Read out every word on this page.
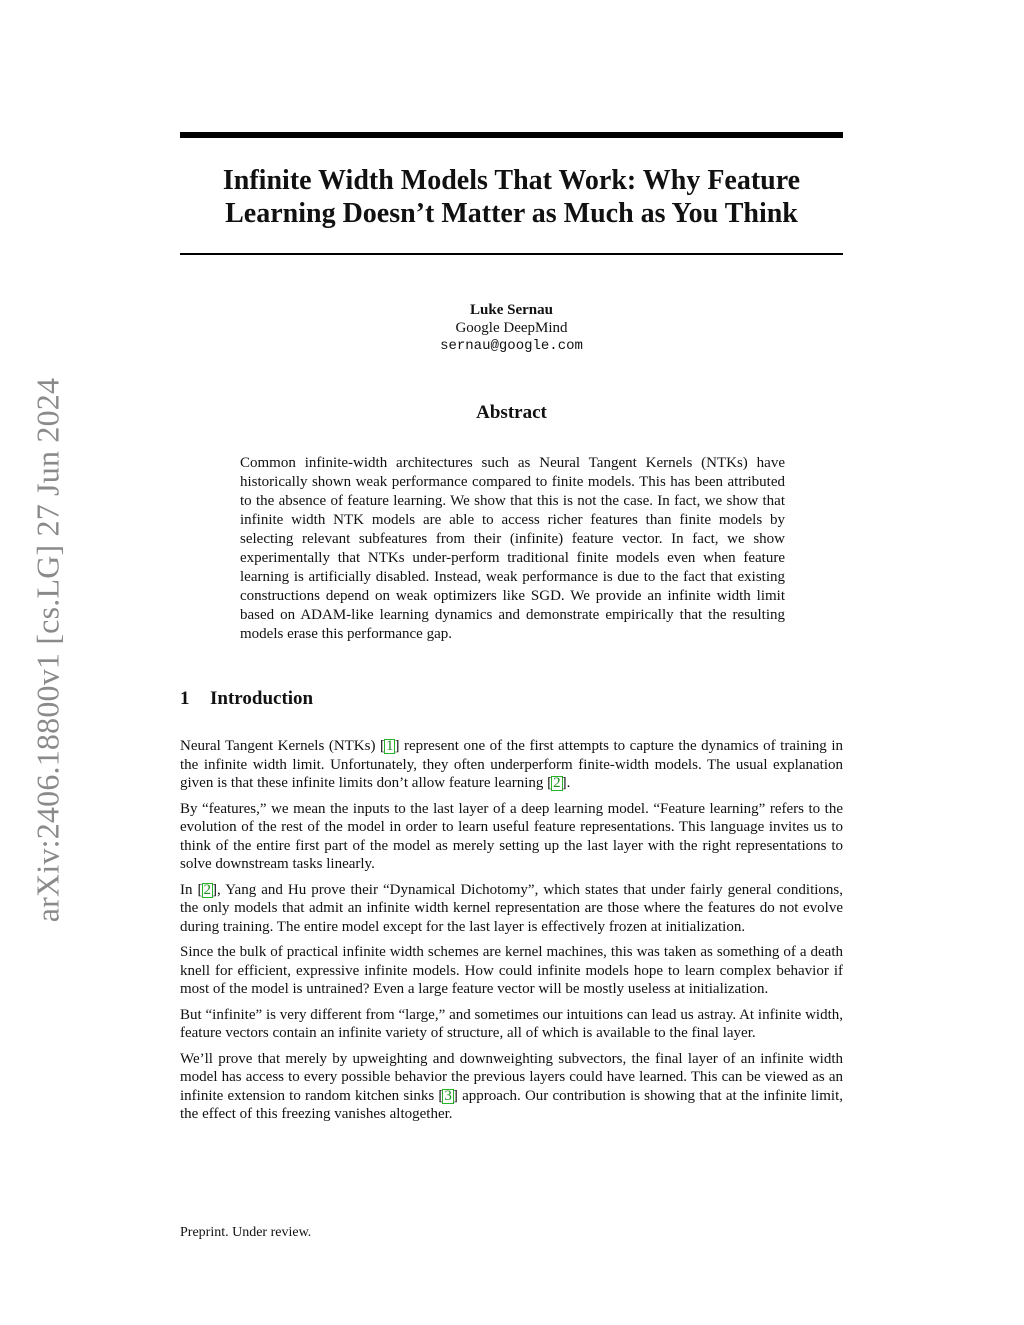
arXiv:2406.18800v1 [cs.LG] 27 Jun 2024
Infinite Width Models That Work: Why Feature
Learning Doesn’t Matter as Much as You Think
Luke Sernau
Google DeepMind
sernau@google.com
Abstract

Common infinite-width architectures such as Neural Tangent Kernels (NTKs) have historically shown weak performance compared to finite models. This has been attributed to the absence of feature learning. We show that this is not the case. In fact, we show that infinite width NTK models are able to access richer features than finite models by selecting relevant subfeatures from their (infinite) feature vector. In fact, we show experimentally that NTKs under-perform traditional finite models even when feature learning is artificially disabled. Instead, weak performance is due to the fact that existing constructions depend on weak optimizers like SGD. We provide an infinite width limit based on ADAM-like learning dynamics and demonstrate empirically that the resulting models erase this performance gap.

1 Introduction

Neural Tangent Kernels (NTKs) [1] represent one of the first attempts to capture the dynamics of training in the infinite width limit. Unfortunately, they often underperform finite-width models. The usual explanation given is that these infinite limits don’t allow feature learning [2].

By “features,” we mean the inputs to the last layer of a deep learning model. “Feature learning” refers to the evolution of the rest of the model in order to learn useful feature representations. This language invites us to think of the entire first part of the model as merely setting up the last layer with the right representations to solve downstream tasks linearly.

In [2], Yang and Hu prove their “Dynamical Dichotomy”, which states that under fairly general conditions, the only models that admit an infinite width kernel representation are those where the features do not evolve during training. The entire model except for the last layer is effectively frozen at initialization.

Since the bulk of practical infinite width schemes are kernel machines, this was taken as something of a death knell for efficient, expressive infinite models. How could infinite models hope to learn complex behavior if most of the model is untrained? Even a large feature vector will be mostly useless at initialization.

But “infinite” is very different from “large,” and sometimes our intuitions can lead us astray. At infinite width, feature vectors contain an infinite variety of structure, all of which is available to the final layer.

We’ll prove that merely by upweighting and downweighting subvectors, the final layer of an infinite width model has access to every possible behavior the previous layers could have learned. This can be viewed as an infinite extension to random kitchen sinks [3] approach. Our contribution is showing that at the infinite limit, the effect of this freezing vanishes altogether.

Preprint. Under review.
